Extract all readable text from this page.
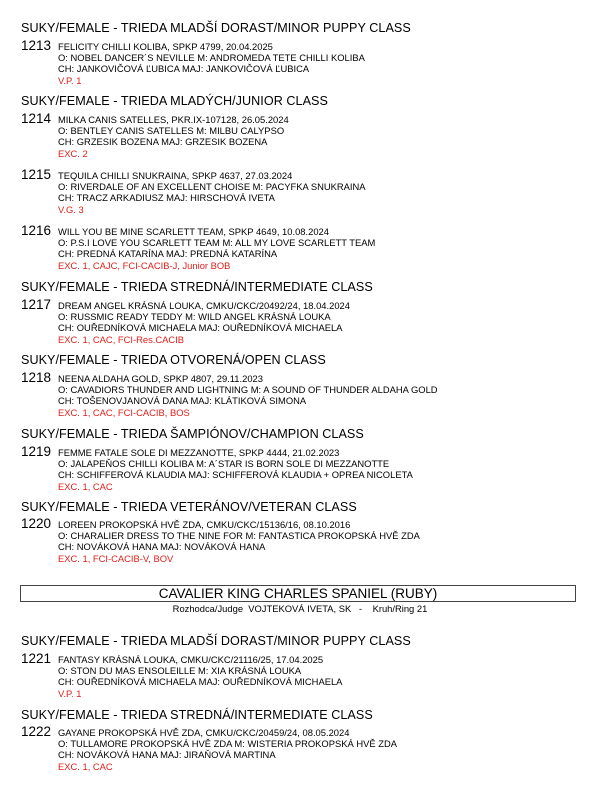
SUKY/FEMALE - TRIEDA MLADŠÍ DORAST/MINOR PUPPY CLASS
1213 FELICITY CHILLI KOLIBA, SPKP 4799, 20.04.2025
O: NOBEL DANCER´S NEVILLE M: ANDROMEDA TETE CHILLI KOLIBA
CH: JANKOVIČOVÁ ĽUBICA MAJ: JANKOVIČOVÁ ĽUBICA
V.P. 1
SUKY/FEMALE - TRIEDA MLADÝCH/JUNIOR CLASS
1214 MILKA CANIS SATELLES, PKR.IX-107128, 26.05.2024
O: BENTLEY CANIS SATELLES M: MILBU CALYPSO
CH: GRZESIK BOZENA MAJ: GRZESIK BOZENA
EXC. 2
1215 TEQUILA CHILLI SNUKRAINA, SPKP 4637, 27.03.2024
O: RIVERDALE OF AN EXCELLENT CHOISE M: PACYFKA SNUKRAINA
CH: TRACZ ARKADIUSZ MAJ: HIRSCHOVÁ IVETA
V.G. 3
1216 WILL YOU BE MINE SCARLETT TEAM, SPKP 4649, 10.08.2024
O: P.S.I LOVE YOU SCARLETT TEAM M: ALL MY LOVE SCARLETT TEAM
CH: PREDNÁ KATARÍNA MAJ: PREDNÁ KATARÍNA
EXC. 1, CAJC, FCI-CACIB-J, Junior BOB
SUKY/FEMALE - TRIEDA STREDNÁ/INTERMEDIATE CLASS
1217 DREAM ANGEL KRÁSNÁ LOUKA, CMKU/CKC/20492/24, 18.04.2024
O: RUSSMIC READY TEDDY M: WILD ANGEL KRÁSNÁ LOUKA
CH: OUŘEDNÍKOVÁ MICHAELA MAJ: OUŘEDNÍKOVÁ MICHAELA
EXC. 1, CAC, FCI-Res.CACIB
SUKY/FEMALE - TRIEDA OTVORENÁ/OPEN CLASS
1218 NEENA ALDAHA GOLD, SPKP 4807, 29.11.2023
O: CAVADIORS THUNDER AND LIGHTNING M: A SOUND OF THUNDER ALDAHA GOLD
CH: TOŠENOVJANOVÁ DANA MAJ: KLÁTIKOVÁ SIMONA
EXC. 1, CAC, FCI-CACIB, BOS
SUKY/FEMALE - TRIEDA ŠAMPIÓNOV/CHAMPION CLASS
1219 FEMME FATALE SOLE DI MEZZANOTTE, SPKP 4444, 21.02.2023
O: JALAPEŇOS CHILLI KOLIBA M: A´STAR IS BORN SOLE DI MEZZANOTTE
CH: SCHIFFEROVÁ KLAUDIA MAJ: SCHIFFEROVÁ KLAUDIA + OPREA NICOLETA
EXC. 1, CAC
SUKY/FEMALE - TRIEDA VETERÁNOV/VETERAN CLASS
1220 LOREEN PROKOPSKÁ HVĚ ZDA, CMKU/CKC/15136/16, 08.10.2016
O: CHARALIER DRESS TO THE NINE FOR M: FANTASTICA PROKOPSKÁ HVĚ ZDA
CH: NOVÁKOVÁ HANA MAJ: NOVÁKOVÁ HANA
EXC. 1, FCI-CACIB-V, BOV
CAVALIER KING CHARLES SPANIEL (RUBY)
Rozhodca/Judge  VOJTEKOVÁ IVETA, SK   -    Kruh/Ring 21
SUKY/FEMALE - TRIEDA MLADŠÍ DORAST/MINOR PUPPY CLASS
1221 FANTASY KRÁSNÁ LOUKA, CMKU/CKC/21116/25, 17.04.2025
O: STON DU MAS ENSOLEILLE M: XIA KRÁSNÁ LOUKA
CH: OUŘEDNÍKOVÁ MICHAELA MAJ: OUŘEDNÍKOVÁ MICHAELA
V.P. 1
SUKY/FEMALE - TRIEDA STREDNÁ/INTERMEDIATE CLASS
1222 GAYANE PROKOPSKÁ HVĚ ZDA, CMKU/CKC/20459/24, 08.05.2024
O: TULLAMORE PROKOPSKÁ HVĚ ZDA M: WISTERIA PROKOPSKÁ HVĚ ZDA
CH: NOVÁKOVÁ HANA MAJ: JIRAŇOVÁ MARTINA
EXC. 1, CAC
